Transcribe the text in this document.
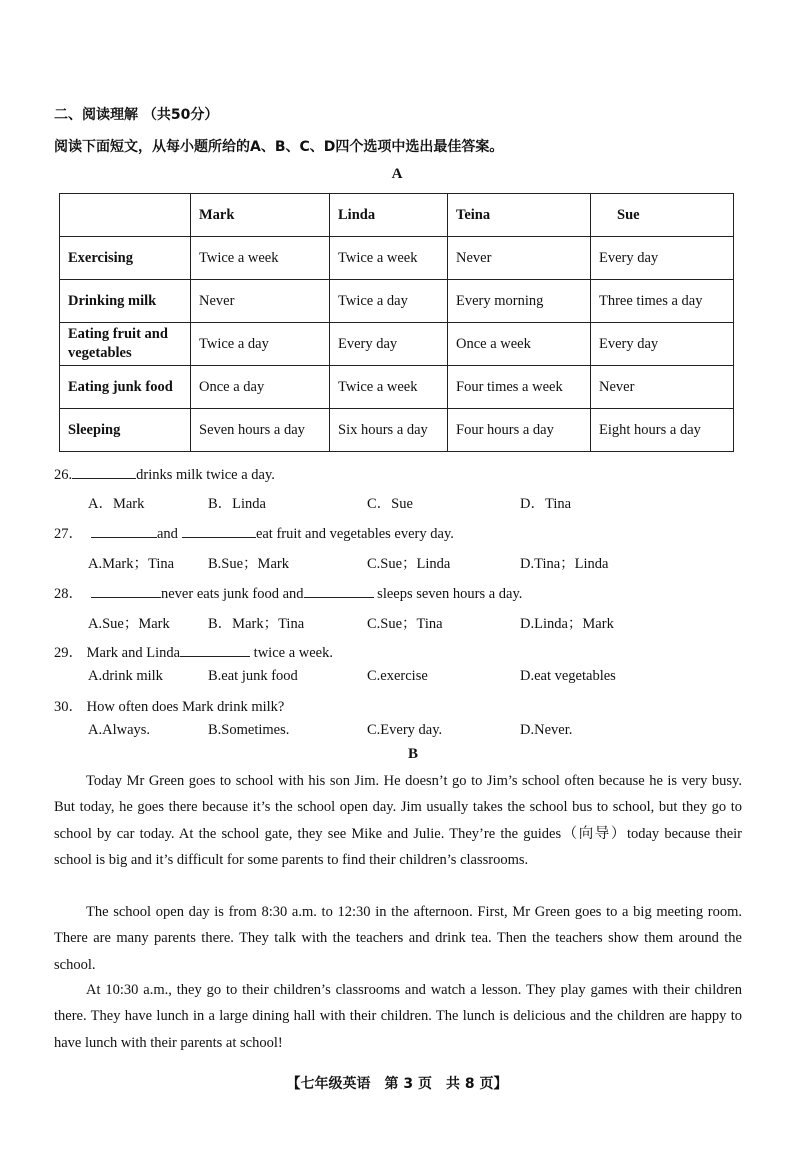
二、阅读理解 （共50分）
阅读下面短文，从每小题所给的A、B、C、D四个选项中选出最佳答案。
A
	Mark	Linda	Teina	Sue
Exercising	Twice a week	Twice a week	Never	Every day
Drinking milk	Never	Twice a day	Every morning	Three times a day
Eating fruit and vegetables	Twice a day	Every day	Once a week	Every day
Eating junk food	Once a day	Twice a week	Four times a week	Never
Sleeping	Seven hours a day	Six hours a day	Four hours a day	Eight hours a day
26.	drinks milk twice a day.
A．Mark	B．Linda	C．Sue	D．Tina
27．	and	eat fruit and vegetables every day.
A.Mark；Tina B.Sue；Mark	C.Sue；Linda	D.Tina；Linda
28．	never eats junk food and	sleeps seven hours a day.
A.Sue；Mark	B．Mark；Tina	C.Sue；Tina	D.Linda；Mark
29． Mark and Linda	twice a week.
A.drink milk	B.eat junk food	C.exercise	D.eat vegetables
30． How often does Mark drink milk?
A.Always.	B.Sometimes.	C.Every day.	D.Never.
B
Today Mr Green goes to school with his son Jim. He doesn’t go to Jim’s school often because he is very busy. But today, he goes there because it’s the school open day. Jim usually takes the school bus to school, but they go to school by car today. At the school gate, they see Mike and Julie. They’re the guides（向导）today because their school is big and it’s difficult for some parents to find their children’s classrooms.
The school open day is from 8:30 a.m. to 12:30 in the afternoon. First, Mr Green goes to a big meeting room. There are many parents there. They talk with the teachers and drink tea. Then the teachers show them around the school.
At 10:30 a.m., they go to their children’s classrooms and watch a lesson. They play games with their children there. They have lunch in a large dining hall with their children. The lunch is delicious and the children are happy to have lunch with their parents at school!
【七年级英语　第 3 页　共 8 页】
